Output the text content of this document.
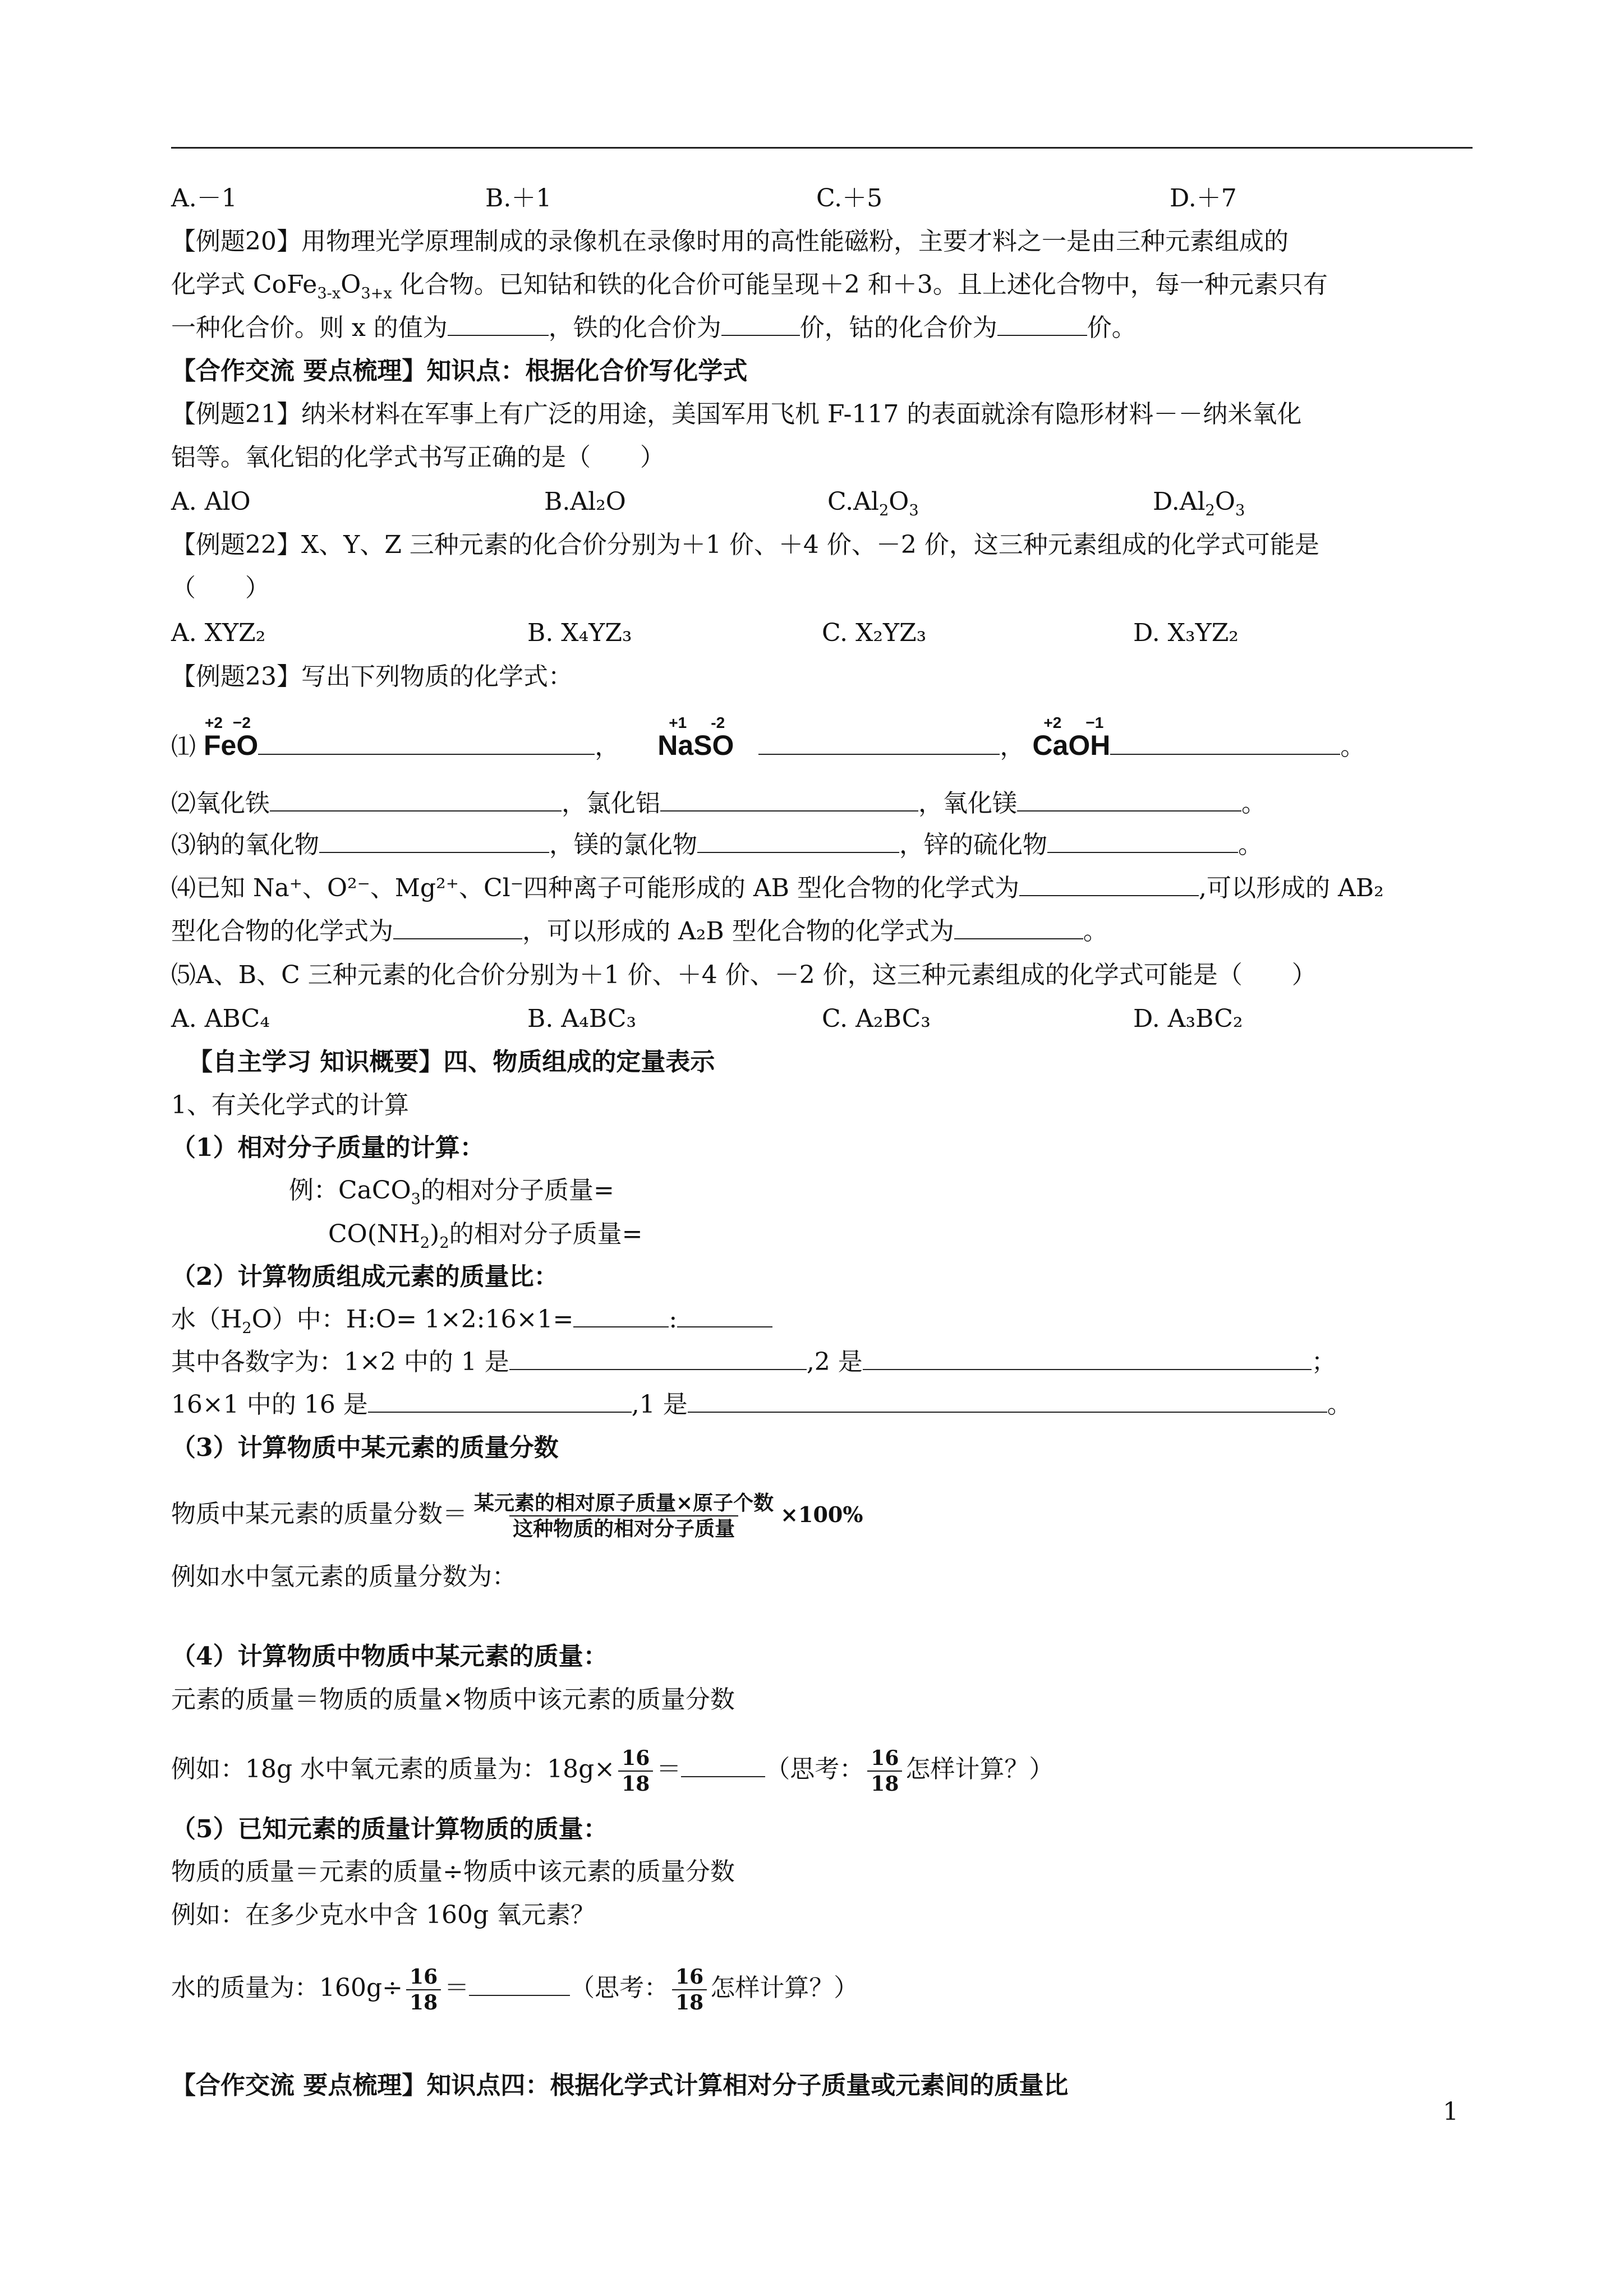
A.－1	B.＋1	C.＋5	D.＋7
【例题20】用物理光学原理制成的录像机在录像时用的高性能磁粉，主要才料之一是由三种元素组成的
化学式 $CoFe_{3-x}O_{3+x}$ 化合物。已知钴和铁的化合价可能呈现＋2 和＋3。且上述化合物中，每一种元素只有
一种化合价。则 x 的值为	，铁的化合价为	价，钴的化合价为	价。
【合作交流 要点梳理】知识点：根据化合价写化学式
【例题21】纳米材料在军事上有广泛的用途，美国军用飞机 F-117 的表面就涂有隐形材料－－纳米氧化
铝等。氧化铝的化学式书写正确的是（　　）
A. AlO	B.Al₂O	$C.Al_2O_3$	$D.Al_2O_3$
【例题22】X、Y、Z 三种元素的化合价分别为＋1 价、＋4 价、－2 价，这三种元素组成的化学式可能是
（　　）
A. XYZ₂	B. X₄YZ₃	C. X₂YZ₃	D. X₃YZ₂
【例题23】写出下列物质的化学式：
⑴
+2 −2
FeO	，
+1 -2
NaSO	，
+2 −1
CaOH	。
⑵氧化铁	，氯化铝	，氧化镁	。
⑶钠的氧化物	，镁的氯化物	，锌的硫化物	。
⑷已知 Na⁺、O²⁻、Mg²⁺、Cl⁻四种离子可能形成的 AB 型化合物的化学式为	,可以形成的 AB₂
型化合物的化学式为	，可以形成的 A₂B 型化合物的化学式为	。
⑸A、B、C 三种元素的化合价分别为＋1 价、＋4 价、－2 价，这三种元素组成的化学式可能是（　　）
A. ABC₄	B. A₄BC₃	C. A₂BC₃	D. A₃BC₂
【自主学习 知识概要】四、物质组成的定量表示
1、有关化学式的计算
（1）相对分子质量的计算：
例：CaCO$_3$的相对分子质量=
$CO(NH_2)_2$的相对分子质量=
（2）计算物质组成元素的质量比：
水$(H_2O)$中：H:O= 1×2:16×1=	:
其中各数字为：1×2 中的 1 是	,2 是	；
16×1 中的 16 是	,1 是	。
（3）计算物质中某元素的质量分数
物质中某元素的质量分数＝ $\frac{\text{某元素的相对原子质量×原子个数}}{\text{这种物质的相对分子质量}} \times 100\%$
例如水中氢元素的质量分数为：
（4）计算物质中物质中某元素的质量：
元素的质量＝物质的质量×物质中该元素的质量分数
例如：18g 水中氧元素的质量为：$18g\times \frac{16}{18}$ ＝	（思考： $\frac{16}{18}$ 怎样计算？）
（5）已知元素的质量计算物质的质量：
物质的质量＝元素的质量÷物质中该元素的质量分数
例如：在多少克水中含 160g 氧元素？
水的质量为：$160g\div \frac{16}{18}$ ＝	（思考： $\frac{16}{18}$ 怎样计算？）
【合作交流 要点梳理】知识点四：根据化学式计算相对分子质量或元素间的质量比
1
